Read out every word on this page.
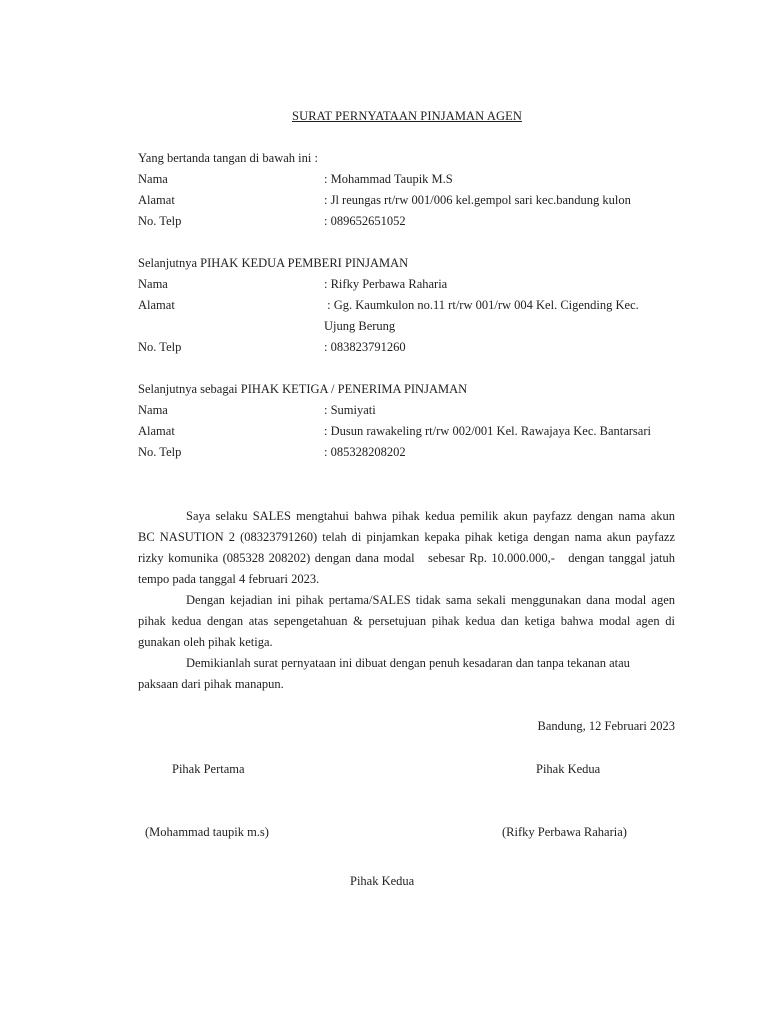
SURAT PERNYATAAN PINJAMAN AGEN
Yang bertanda tangan di bawah ini :
Nama	: Mohammad Taupik M.S
Alamat	: Jl reungas rt/rw 001/006 kel.gempol sari kec.bandung kulon
No. Telp	: 089652651052
Selanjutnya PIHAK KEDUA PEMBERI PINJAMAN
Nama	: Rifky Perbawa Raharia
Alamat	: Gg. Kaumkulon no.11 rt/rw 001/rw 004 Kel. Cigending Kec.
Ujung Berung
No. Telp	: 083823791260
Selanjutnya sebagai PIHAK KETIGA / PENERIMA PINJAMAN
Nama	: Sumiyati
Alamat	: Dusun rawakeling rt/rw 002/001 Kel. Rawajaya Kec. Bantarsari
No. Telp	: 085328208202
Saya selaku SALES mengtahui bahwa pihak kedua pemilik akun payfazz dengan nama akun
BC NASUTION 2 (08323791260) telah di pinjamkan kepaka pihak ketiga dengan nama akun payfazz
rizky komunika (085328 208202) dengan dana modal   sebesar Rp. 10.000.000,-   dengan tanggal jatuh
tempo pada tanggal 4 februari 2023.
Dengan kejadian ini pihak pertama/SALES tidak sama sekali menggunakan dana modal agen
pihak kedua dengan atas sepengetahuan & persetujuan pihak kedua dan ketiga bahwa modal agen di
gunakan oleh pihak ketiga.
Demikianlah surat pernyataan ini dibuat dengan penuh kesadaran dan tanpa tekanan atau
paksaan dari pihak manapun.
Bandung, 12 Februari 2023
Pihak Pertama	Pihak Kedua
(Mohammad taupik m.s)	(Rifky Perbawa Raharia)
Pihak Kedua
